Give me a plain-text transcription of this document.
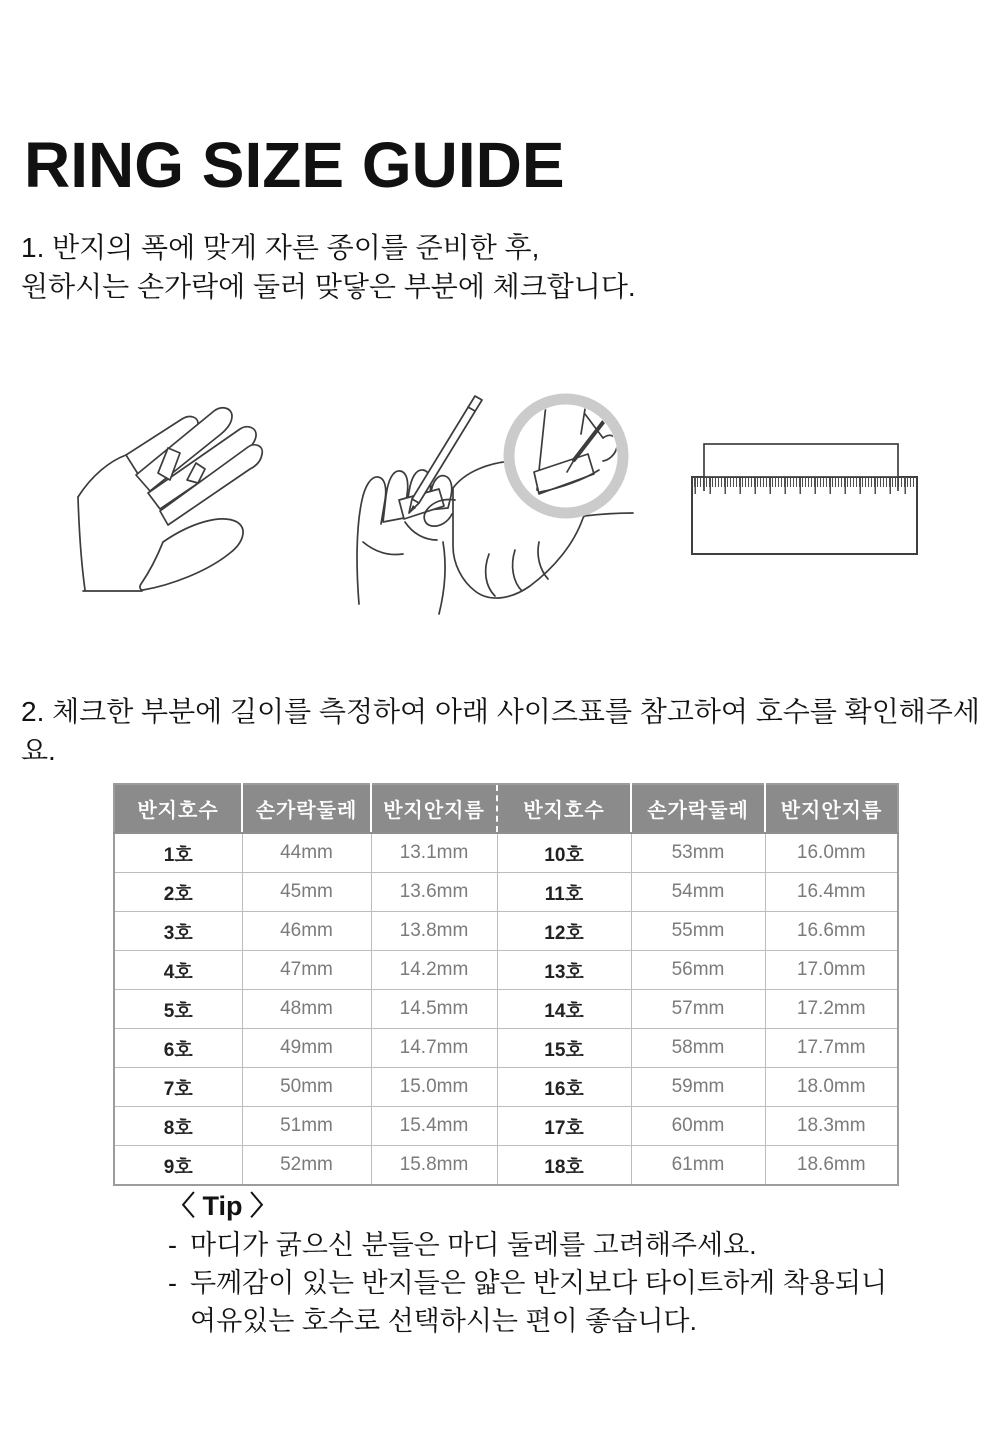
RING SIZE GUIDE

1. 반지의 폭에 맞게 자른 종이를 준비한 후,
원하시는 손가락에 둘러 맞닿은 부분에 체크합니다.

2. 체크한 부분에 길이를 측정하여 아래 사이즈표를 참고하여 호수를 확인해주세요.

반지호수	손가락둘레	반지안지름	반지호수	손가락둘레	반지안지름
1호	44mm	13.1mm	10호	53mm	16.0mm
2호	45mm	13.6mm	11호	54mm	16.4mm
3호	46mm	13.8mm	12호	55mm	16.6mm
4호	47mm	14.2mm	13호	56mm	17.0mm
5호	48mm	14.5mm	14호	57mm	17.2mm
6호	49mm	14.7mm	15호	58mm	17.7mm
7호	50mm	15.0mm	16호	59mm	18.0mm
8호	51mm	15.4mm	17호	60mm	18.3mm
9호	52mm	15.8mm	18호	61mm	18.6mm
〈 Tip 〉
- 마디가 굵으신 분들은 마디 둘레를 고려해주세요.
- 두께감이 있는 반지들은 얇은 반지보다 타이트하게 착용되니
여유있는 호수로 선택하시는 편이 좋습니다.
